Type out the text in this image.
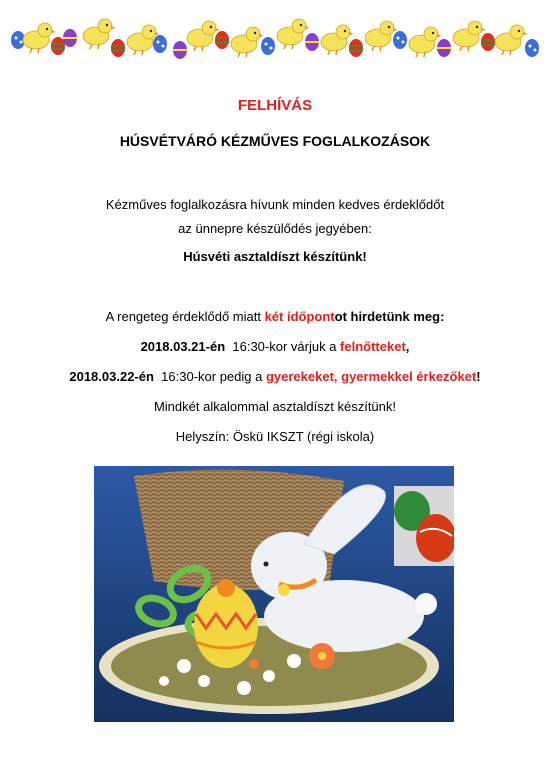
FELHÍVÁS
HÚSVÉTVÁRÓ KÉZMŰVES FOGLALKOZÁSOK
Kézműves foglalkozásra hívunk minden kedves érdeklődőt
az ünnepre készülődés jegyében:
Húsvéti asztaldíszt készítünk!
A rengeteg érdeklődő miatt két időpontot hirdetünk meg:
2018.03.21-én  16:30-kor várjuk a felnőtteket,
2018.03.22-én  16:30-kor pedig a gyerekeket, gyermekkel érkezőket!
Mindkét alkalommal asztaldíszt készítünk!
Helyszín: Öskü IKSZT (régi iskola)
